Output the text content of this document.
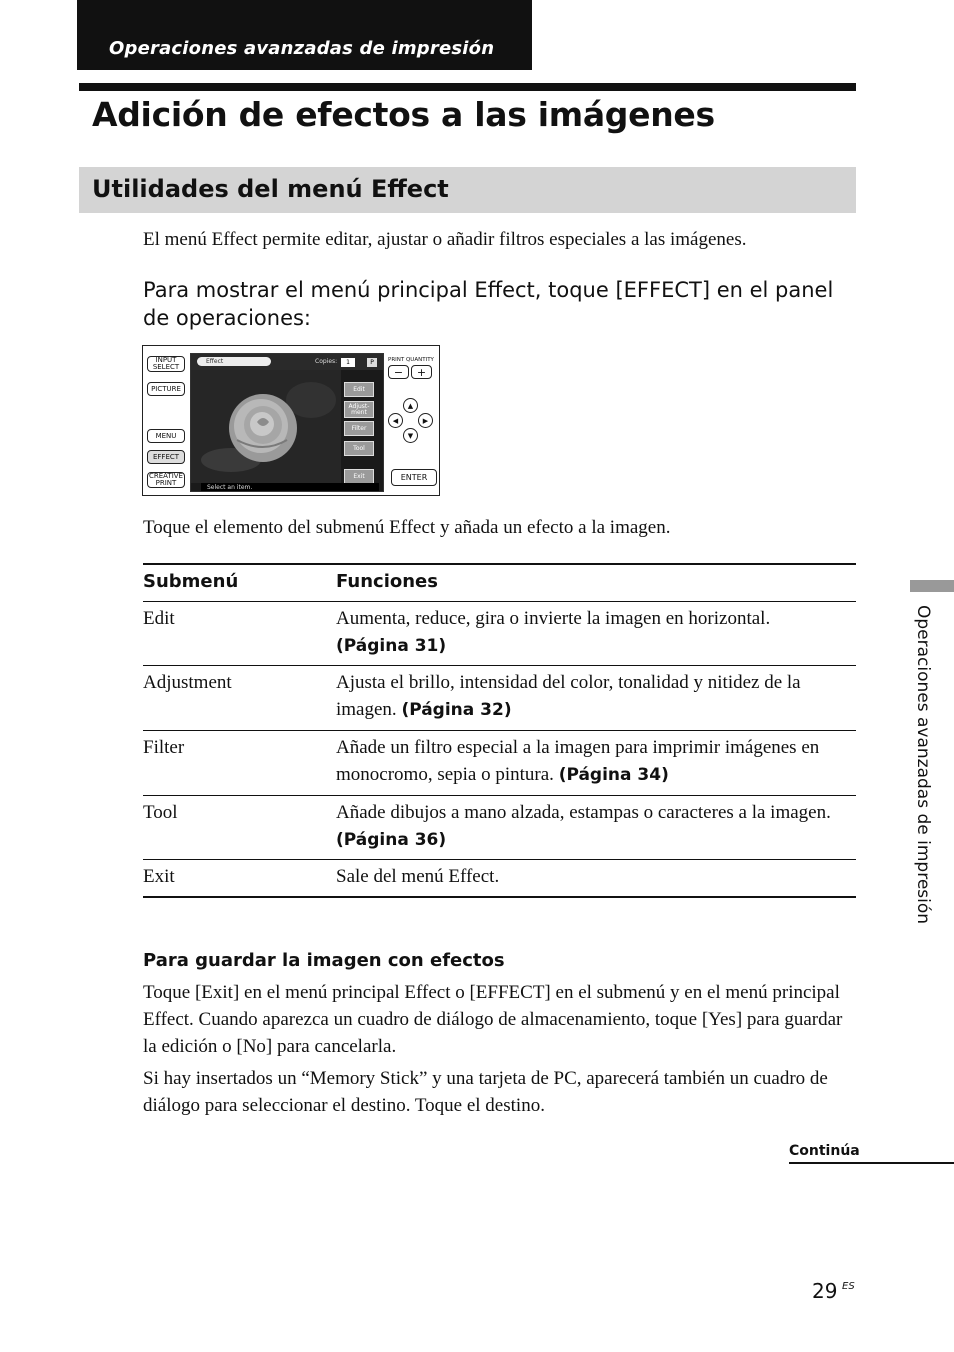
Operaciones avanzadas de impresión
Adición de efectos a las imágenes
Utilidades del menú Effect
El menú Effect permite editar, ajustar o añadir filtros especiales a las imágenes.
Para mostrar el menú principal Effect, toque [EFFECT] en el panel de operaciones:
INPUT SELECT
PICTURE
MENU
EFFECT
CREATIVE PRINT
Effect	Copies:	1	P
Edit
Adjust-ment
Filter
Tool
Exit
Select an item.
PRINT QUANTITY
−	+
▲
◀	▶
▼
ENTER
Toque el elemento del submenú Effect y añada un efecto a la imagen.
Submenú	Funciones
Edit	Aumenta, reduce, gira o invierte la imagen en horizontal.
(Página 31)
Adjustment	Ajusta el brillo, intensidad del color, tonalidad y nitidez de la imagen. (Página 32)
Filter	Añade un filtro especial a la imagen para imprimir imágenes en monocromo, sepia o pintura. (Página 34)
Tool	Añade dibujos a mano alzada, estampas o caracteres a la imagen. (Página 36)
Exit	Sale del menú Effect.
Para guardar la imagen con efectos
Toque [Exit] en el menú principal Effect o [EFFECT] en el submenú y en el menú principal Effect. Cuando aparezca un cuadro de diálogo de almacenamiento, toque [Yes] para guardar la edición o [No] para cancelarla.
Si hay insertados un “Memory Stick” y una tarjeta de PC, aparecerá también un cuadro de diálogo para seleccionar el destino. Toque el destino.
Continúa
Operaciones avanzadas de impresión
29 ES
